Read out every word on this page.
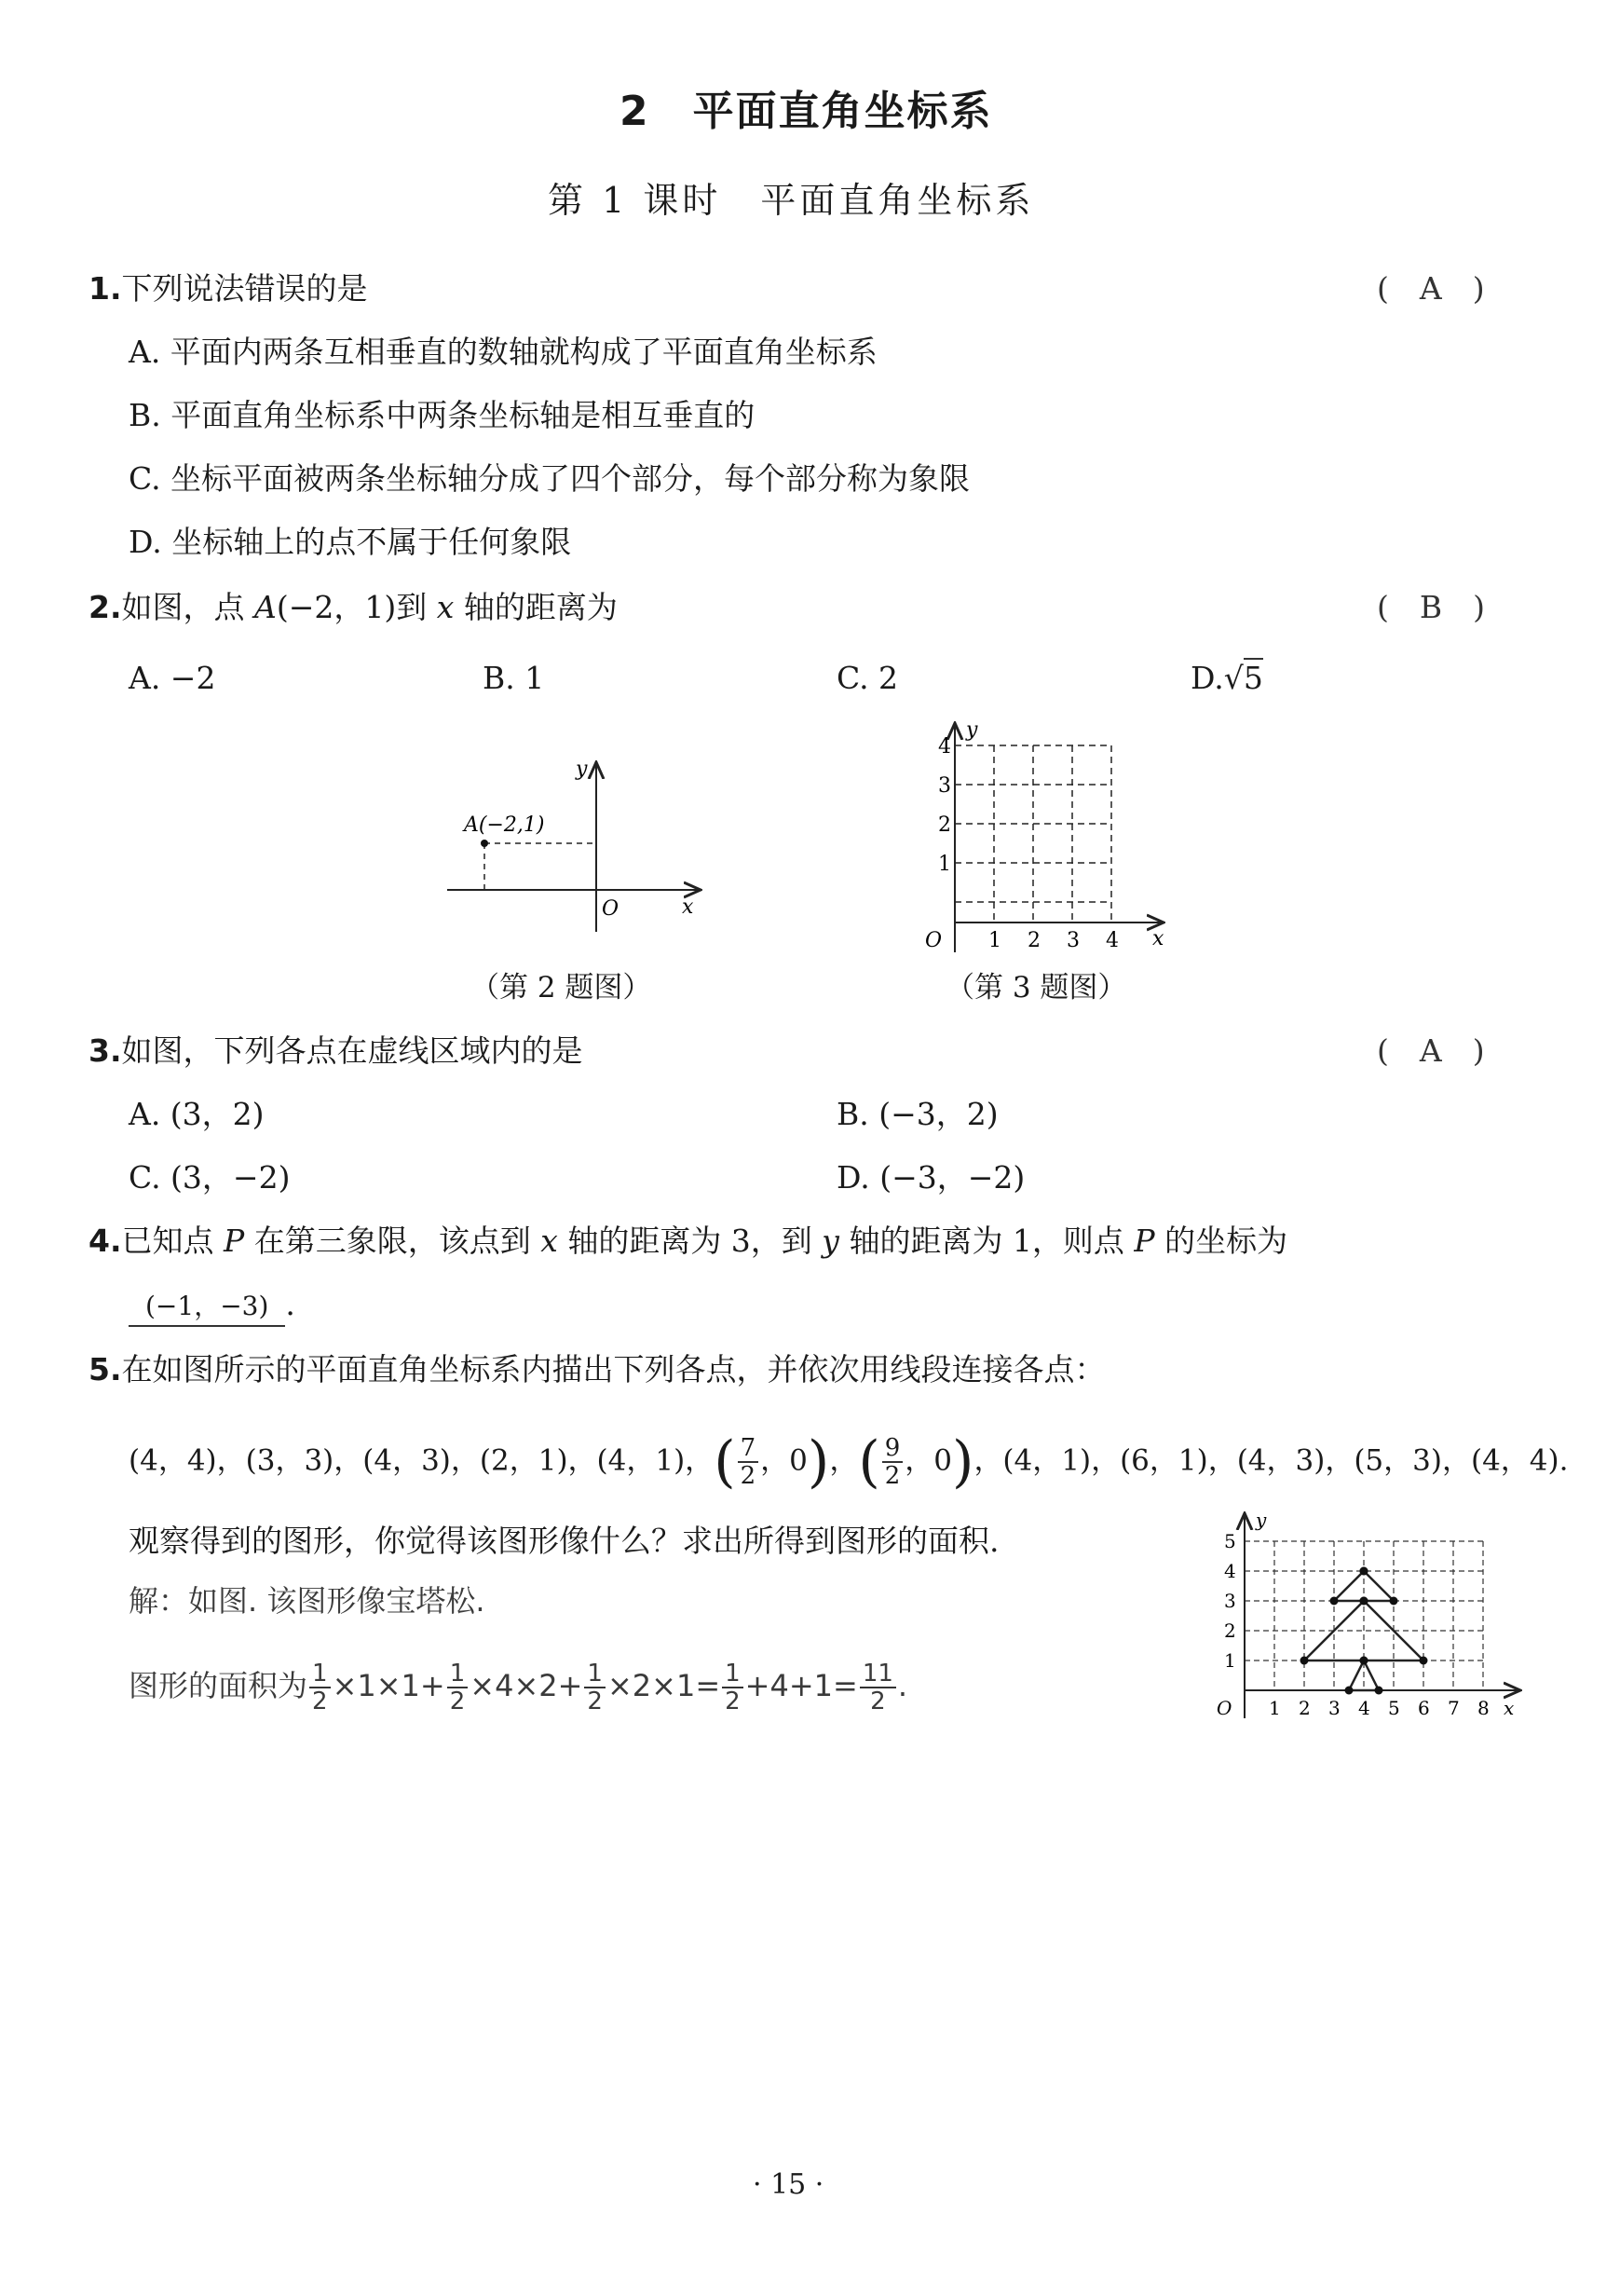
2　平面直角坐标系
第 1 课时　平面直角坐标系
1.下列说法错误的是	(　A　)
A. 平面内两条互相垂直的数轴就构成了平面直角坐标系
B. 平面直角坐标系中两条坐标轴是相互垂直的
C. 坐标平面被两条坐标轴分成了四个部分，每个部分称为象限
D. 坐标轴上的点不属于任何象限
2.如图，点 A(−2，1)到 x 轴的距离为	(　B　)
A. −2	B. 1	C. 2	D.√5
A(−2,1)
x
y
O
（第 2 题图）
4
3
2
1
1 2 3 4
O	x
y
（第 3 题图）
3.如图，下列各点在虚线区域内的是	(　A　)
A. (3，2)	B. (−3，2)
C. (3，−2)	D. (−3，−2)
4.已知点 P 在第三象限，该点到 x 轴的距离为 3，到 y 轴的距离为 1，则点 P 的坐标为
(−1，−3) .
5.在如图所示的平面直角坐标系内描出下列各点，并依次用线段连接各点：
(4，4)，(3，3)，(4，3)，(2，1)，(4，1)，( $\frac{7}{2}$ ，0)，( $\frac{9}{2}$ ，0)，(4，1)，(6，1)，(4，3)，(5，3)，(4，4).
观察得到的图形，你觉得该图形像什么？求出所得到图形的面积.
解：如图. 该图形像宝塔松.
图形的面积为 $\frac{1}{2} \times 1\times 1+ \frac{1}{2} \times 4\times 2+ \frac{1}{2} \times 2\times 1= \frac{1}{2} +4+1= \frac{11}{2}$ .
1 2 3 4 5 6 7 8
1
2
3
4
5
O	x
y
· 15 ·
